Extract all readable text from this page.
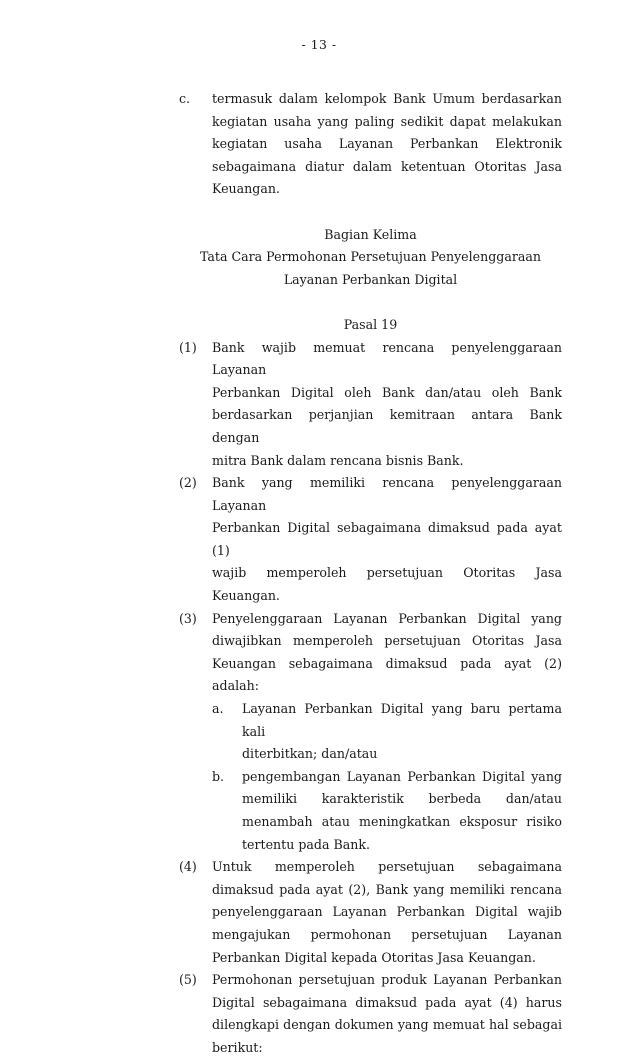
- 13 -
c. termasuk dalam kelompok Bank Umum berdasarkan
kegiatan usaha yang paling sedikit dapat melakukan
kegiatan usaha Layanan Perbankan Elektronik
sebagaimana diatur dalam ketentuan Otoritas Jasa
Keuangan.
Bagian Kelima
Tata Cara Permohonan Persetujuan Penyelenggaraan
Layanan Perbankan Digital
Pasal 19
(1) Bank wajib memuat rencana penyelenggaraan Layanan
Perbankan Digital oleh Bank dan/atau oleh Bank
berdasarkan perjanjian kemitraan antara Bank dengan
mitra Bank dalam rencana bisnis Bank.
(2) Bank yang memiliki rencana penyelenggaraan Layanan
Perbankan Digital sebagaimana dimaksud pada ayat (1)
wajib memperoleh persetujuan Otoritas Jasa
Keuangan.
(3) Penyelenggaraan Layanan Perbankan Digital yang
diwajibkan memperoleh persetujuan Otoritas Jasa
Keuangan sebagaimana dimaksud pada ayat (2) adalah:
a. Layanan Perbankan Digital yang baru pertama kali
diterbitkan; dan/atau
b. pengembangan Layanan Perbankan Digital yang
memiliki karakteristik berbeda dan/atau
menambah atau meningkatkan eksposur risiko
tertentu pada Bank.
(4) Untuk memperoleh persetujuan sebagaimana
dimaksud pada ayat (2), Bank yang memiliki rencana
penyelenggaraan Layanan Perbankan Digital wajib
mengajukan permohonan persetujuan Layanan
Perbankan Digital kepada Otoritas Jasa Keuangan.
(5) Permohonan persetujuan produk Layanan Perbankan
Digital sebagaimana dimaksud pada ayat (4) harus
dilengkapi dengan dokumen yang memuat hal sebagai
berikut:
